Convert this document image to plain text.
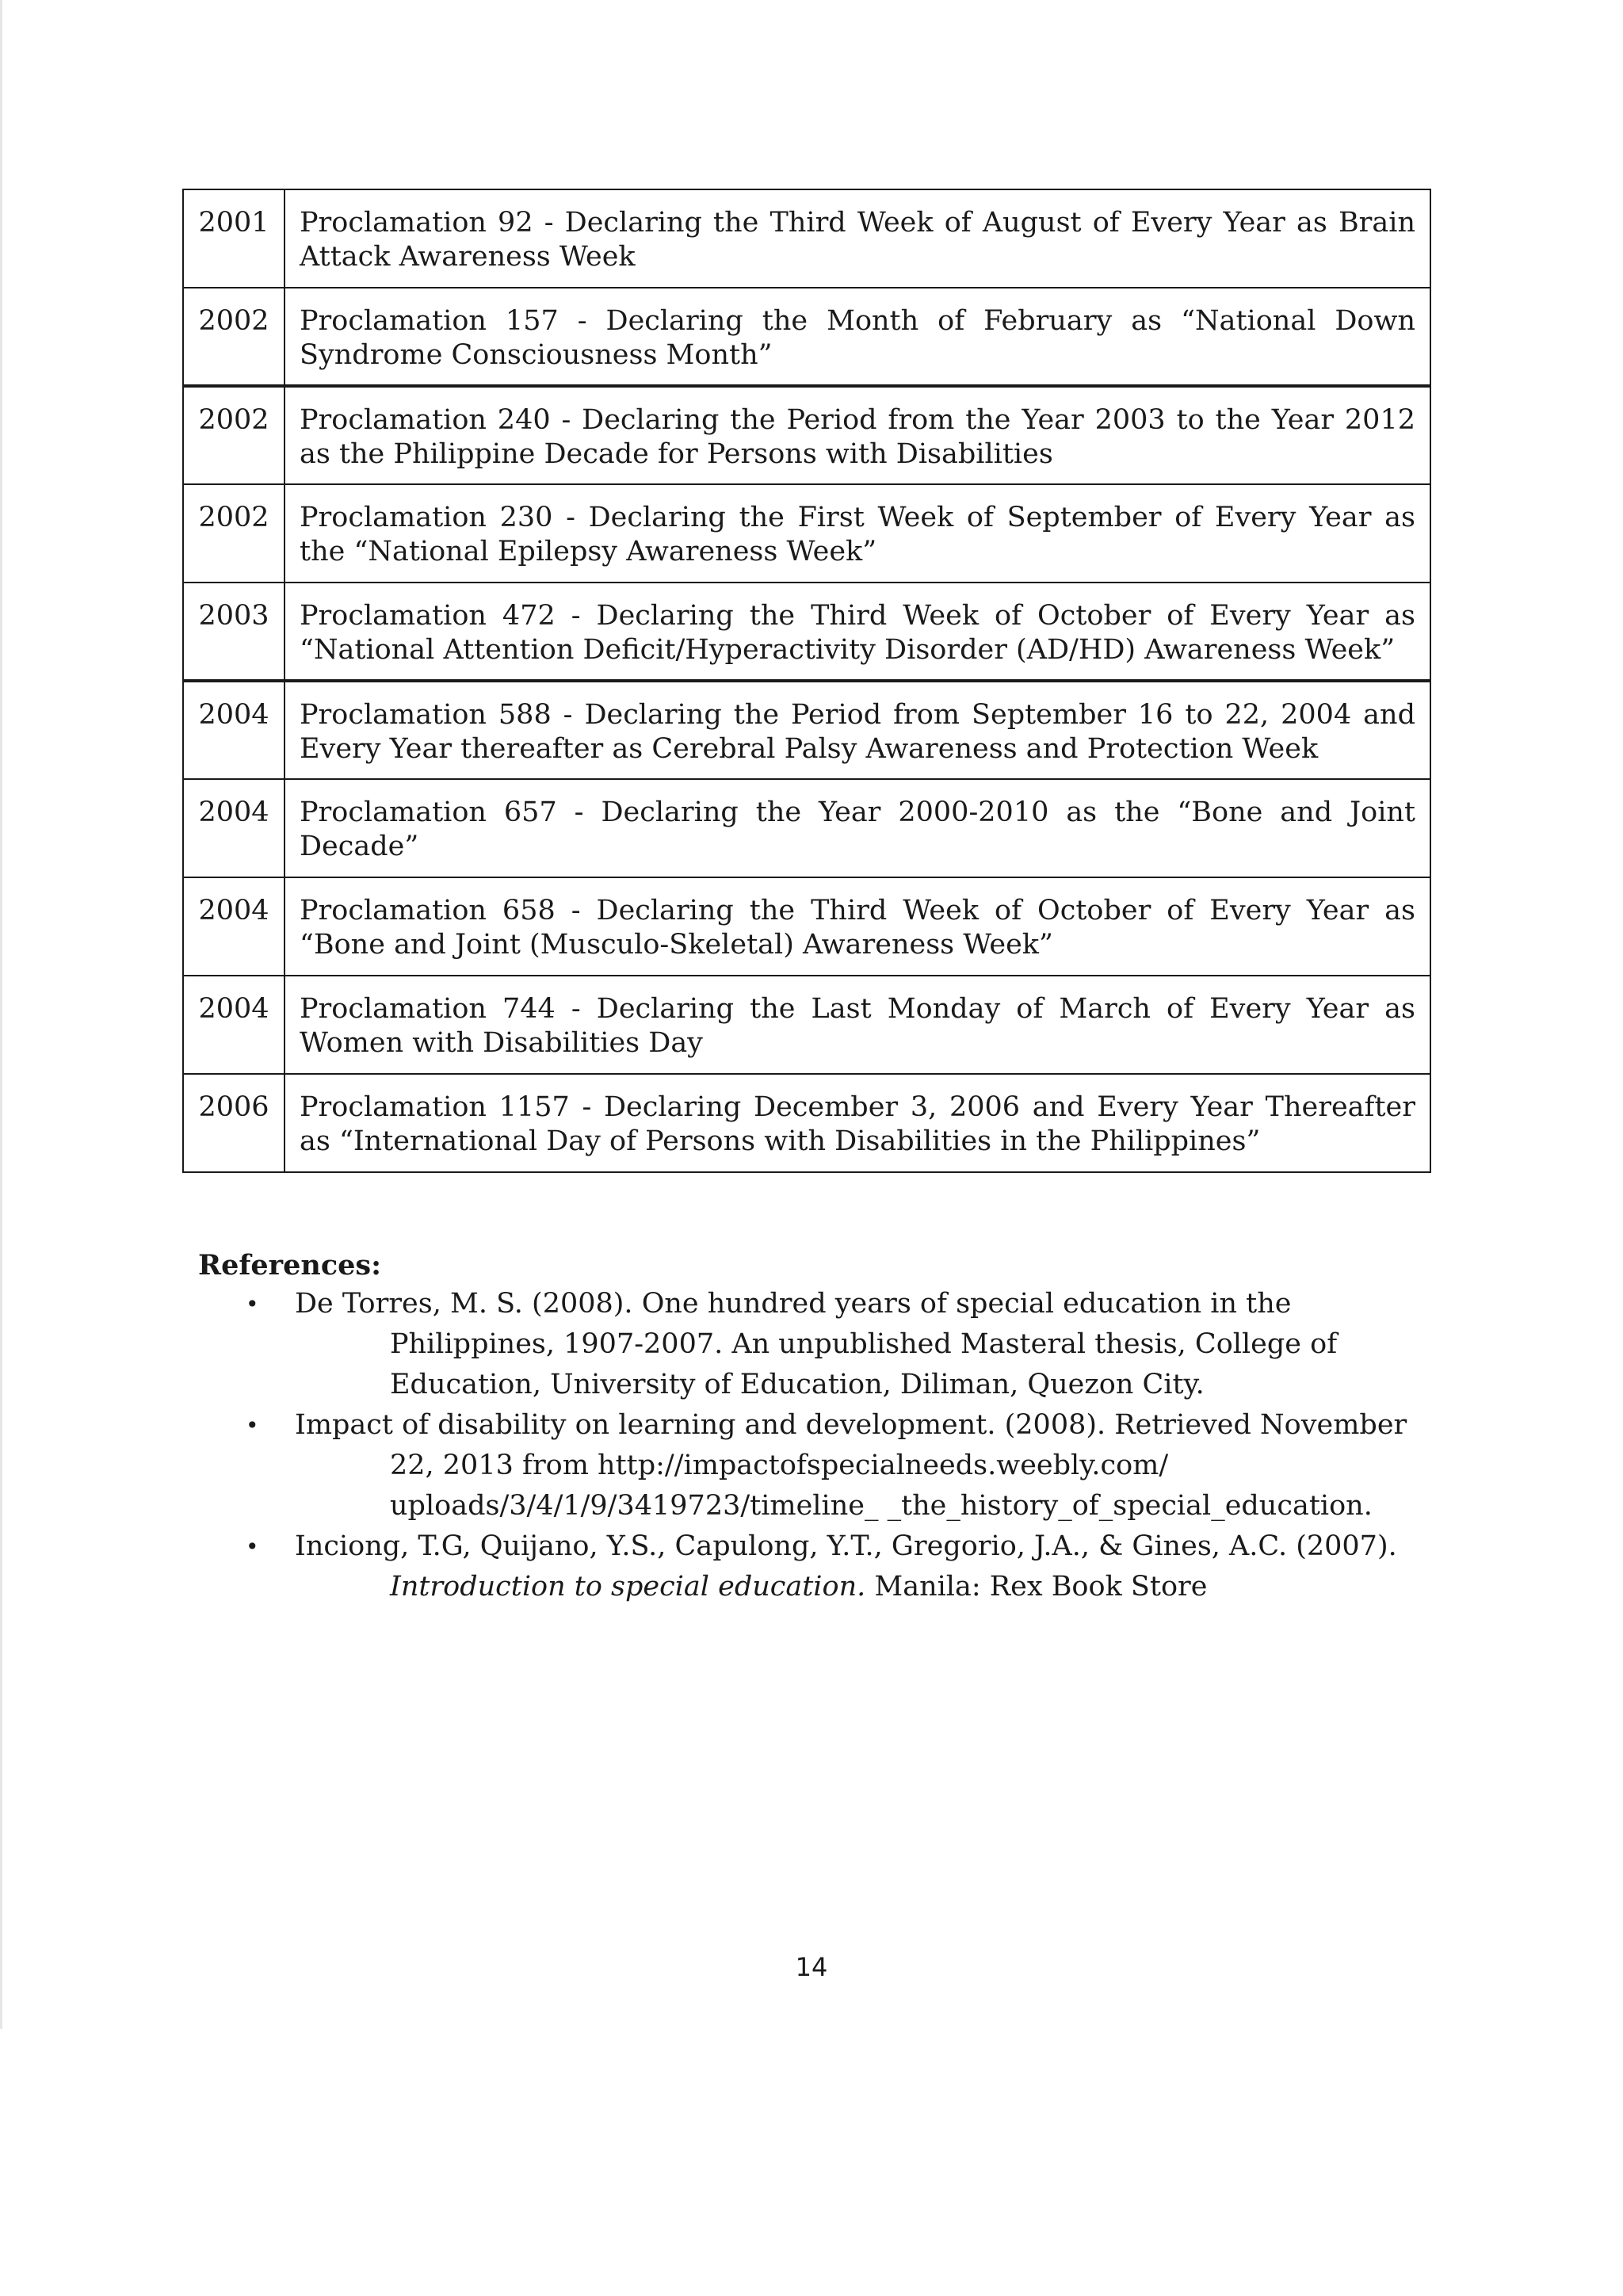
2001	Proclamation 92 - Declaring the Third Week of August of Every Year as Brain Attack Awareness Week
2002	Proclamation 157 - Declaring the Month of February as “National Down Syndrome Consciousness Month”
2002	Proclamation 240 - Declaring the Period from the Year 2003 to the Year 2012 as the Philippine Decade for Persons with Disabilities
2002	Proclamation 230 - Declaring the First Week of September of Every Year as the “National Epilepsy Awareness Week”
2003	Proclamation 472 - Declaring the Third Week of October of Every Year as “National Attention Deficit/Hyperactivity Disorder (AD/HD) Awareness Week”
2004	Proclamation 588 - Declaring the Period from September 16 to 22, 2004 and Every Year thereafter as Cerebral Palsy Awareness and Protection Week
2004	Proclamation 657 - Declaring the Year 2000-2010 as the “Bone and Joint Decade”
2004	Proclamation 658 - Declaring the Third Week of October of Every Year as “Bone and Joint (Musculo-Skeletal) Awareness Week”
2004	Proclamation 744 - Declaring the Last Monday of March of Every Year as Women with Disabilities Day
2006	Proclamation 1157 - Declaring December 3, 2006 and Every Year Thereafter as “International Day of Persons with Disabilities in the Philippines”

References:

• De Torres, M. S. (2008). One hundred years of special education in the
Philippines, 1907-2007. An unpublished Masteral thesis, College of
Education, University of Education, Diliman, Quezon City.
• Impact of disability on learning and development. (2008). Retrieved November
22, 2013 from http://impactofspecialneeds.weebly.com/
uploads/3/4/1/9/3419723/timeline_ _the_history_of_special_education.
• Inciong, T.G, Quijano, Y.S., Capulong, Y.T., Gregorio, J.A., & Gines, A.C. (2007).
Introduction to special education. Manila: Rex Book Store
14
